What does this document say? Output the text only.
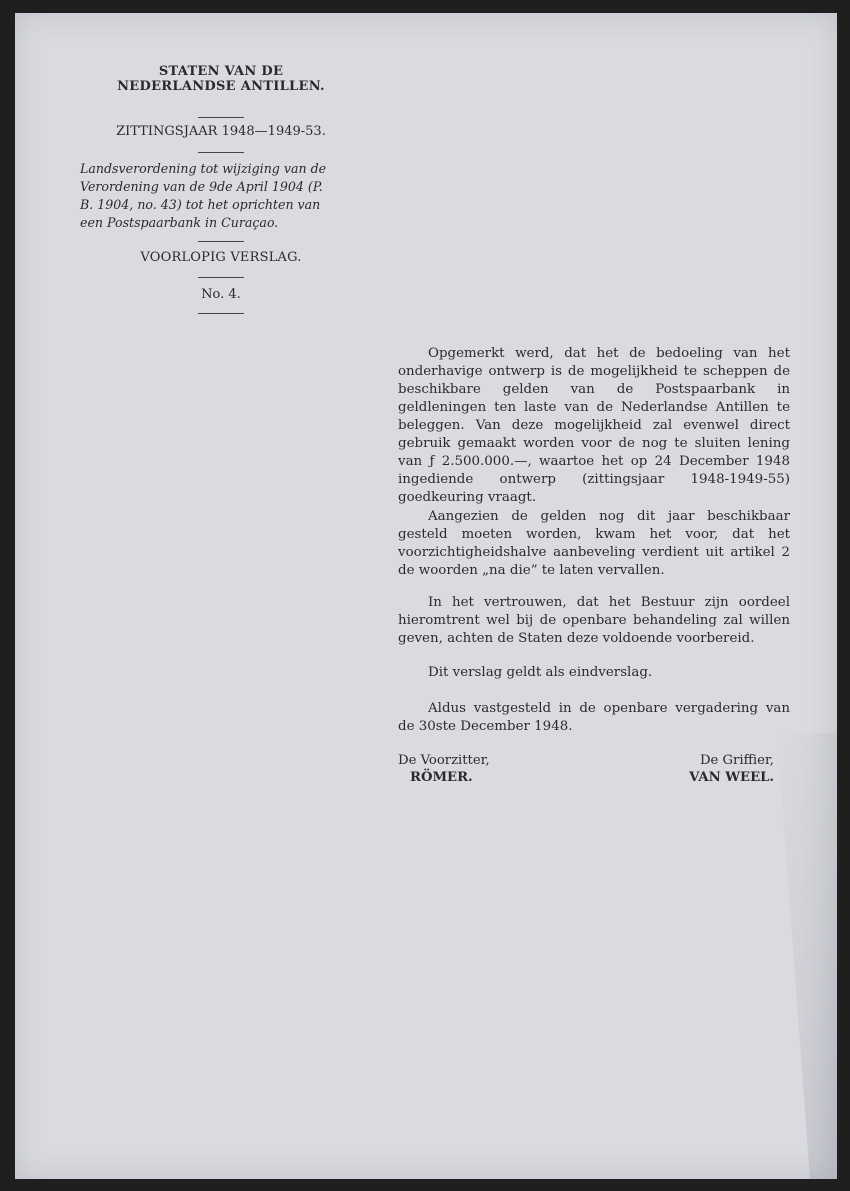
STATEN VAN DE
NEDERLANDSE ANTILLEN.
ZITTINGSJAAR 1948—1949-53.
Landsverordening tot wijziging van de
Verordening van de 9de April 1904 (P.
B. 1904, no. 43) tot het oprichten van
een Postspaarbank in Curaçao.
VOORLOPIG VERSLAG.
No. 4.

Opgemerkt werd, dat het de bedoeling van het onderhavige ontwerp is de mogelijkheid te scheppen de beschikbare gelden van de Postspaarbank in geldleningen ten laste van de Nederlandse Antillen te beleggen. Van deze mogelijkheid zal evenwel direct gebruik gemaakt worden voor de nog te sluiten lening van ƒ 2.500.000.—, waartoe het op 24 December 1948 ingediende ontwerp (zittingsjaar 1948-1949-55) goedkeuring vraagt.

Aangezien de gelden nog dit jaar beschikbaar gesteld moeten worden, kwam het voor, dat het voorzichtigheidshalve aanbeveling verdient uit artikel 2 de woorden „na die” te laten vervallen.

In het vertrouwen, dat het Bestuur zijn oordeel hieromtrent wel bij de openbare behandeling zal willen geven, achten de Staten deze voldoende voorbereid.

Dit verslag geldt als eindverslag.

Aldus vastgesteld in de openbare vergadering van de 30ste December 1948.

De Voorzitter,
RÖMER.
De Griffier,
VAN WEEL.
